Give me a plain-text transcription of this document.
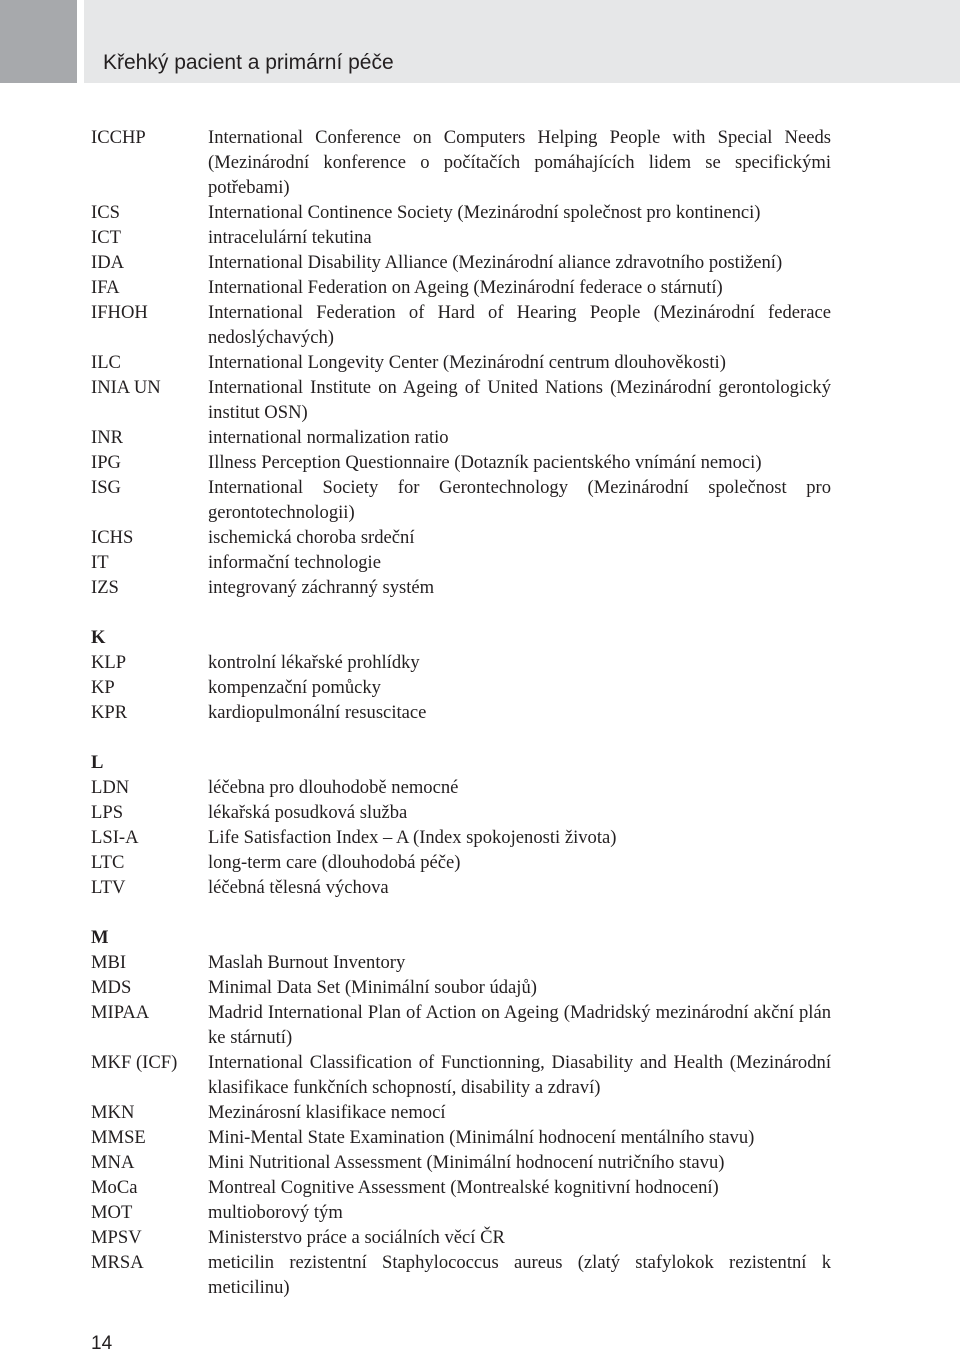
Křehký pacient a primární péče
ICCHP	International Conference on Computers Helping People with Special Needs (Mezinárodní konference o počítačích pomáhajících lidem se specifickými potřebami)
ICS	International Continence Society (Mezinárodní společnost pro kontinenci)
ICT	intracelulární tekutina
IDA	International Disability Alliance (Mezinárodní aliance zdravotního postižení)
IFA	International Federation on Ageing (Mezinárodní federace o stárnutí)
IFHOH	International Federation of Hard of Hearing People (Mezinárodní federace nedoslýchavých)
ILC	International Longevity Center (Mezinárodní centrum dlouhověkosti)
INIA UN	International Institute on Ageing of United Nations (Mezinárodní gerontologický institut OSN)
INR	international normalization ratio
IPG	Illness Perception Questionnaire (Dotazník pacientského vnímání nemoci)
ISG	International Society for Gerontechnology (Mezinárodní společnost pro gerontotechnologii)
ICHS	ischemická choroba srdeční
IT	informační technologie
IZS	integrovaný záchranný systém
K
KLP	kontrolní lékařské prohlídky
KP	kompenzační pomůcky
KPR	kardiopulmonální resuscitace
L
LDN	léčebna pro dlouhodobě nemocné
LPS	lékařská posudková služba
LSI-A	Life Satisfaction Index – A (Index spokojenosti života)
LTC	long-term care (dlouhodobá péče)
LTV	léčebná tělesná výchova
M
MBI	Maslah Burnout Inventory
MDS	Minimal Data Set (Minimální soubor údajů)
MIPAA	Madrid International Plan of Action on Ageing (Madridský mezinárodní akční plán ke stárnutí)
MKF (ICF)	International Classification of Functionning, Diasability and Health (Mezinárodní klasifikace funkčních schopností, disability a zdraví)
MKN	Mezinárosní klasifikace nemocí
MMSE	Mini-Mental State Examination (Minimální hodnocení mentálního stavu)
MNA	Mini Nutritional Assessment (Minimální hodnocení nutričního stavu)
MoCa	Montreal Cognitive Assessment (Montrealské kognitivní hodnocení)
MOT	multioborový tým
MPSV	Ministerstvo práce a sociálních věcí ČR
MRSA	meticilin rezistentní Staphylococcus aureus (zlatý stafylokok rezistentní k meticilinu)
14
